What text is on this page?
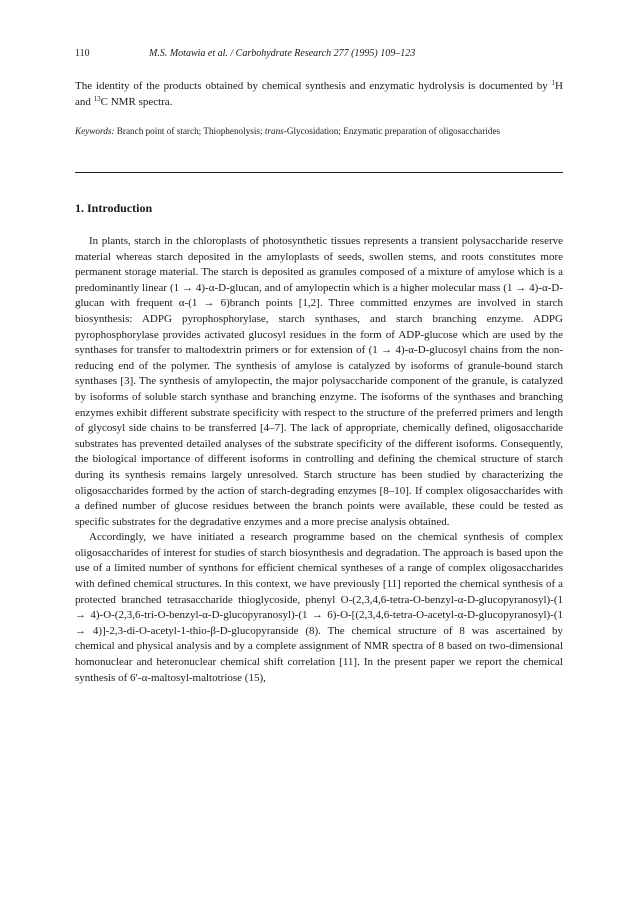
110	M.S. Motawia et al. / Carbohydrate Research 277 (1995) 109–123
The identity of the products obtained by chemical synthesis and enzymatic hydrolysis is documented by $^1$H and $^{13}$C NMR spectra.
Keywords: Branch point of starch; Thiophenolysis; trans-Glycosidation; Enzymatic preparation of oligosaccharides
1. Introduction

In plants, starch in the chloroplasts of photosynthetic tissues represents a transient polysaccharide reserve material whereas starch deposited in the amyloplasts of seeds, swollen stems, and roots constitutes more permanent storage material. The starch is deposited as granules composed of a mixture of amylose which is a predominantly linear (1 → 4)-α-D-glucan, and of amylopectin which is a higher molecular mass (1 → 4)-α-D-glucan with frequent α-(1 → 6)branch points [1,2]. Three committed enzymes are involved in starch biosynthesis: ADPG pyrophosphorylase, starch synthases, and starch branching enzyme. ADPG pyrophosphorylase provides activated glucosyl residues in the form of ADP-glucose which are used by the synthases for transfer to maltodextrin primers or for extension of (1 → 4)-α-D-glucosyl chains from the non-reducing end of the polymer. The synthesis of amylose is catalyzed by isoforms of granule-bound starch synthases [3]. The synthesis of amylopectin, the major polysaccharide component of the granule, is catalyzed by isoforms of soluble starch synthase and branching enzyme. The isoforms of the synthases and branching enzymes exhibit different substrate specificity with respect to the structure of the preferred primers and length of glycosyl side chains to be transferred [4–7]. The lack of appropriate, chemically defined, oligosaccharide substrates has prevented detailed analyses of the substrate specificity of the different isoforms. Consequently, the biological importance of different isoforms in controlling and defining the chemical structure of starch during its synthesis remains largely unresolved. Starch structure has been studied by characterizing the oligosaccharides formed by the action of starch-degrading enzymes [8–10]. If complex oligosaccharides with a defined number of glucose residues between the branch points were available, these could be tested as specific substrates for the degradative enzymes and a more precise analysis obtained.

Accordingly, we have initiated a research programme based on the chemical synthesis of complex oligosaccharides of interest for studies of starch biosynthesis and degradation. The approach is based upon the use of a limited number of synthons for efficient chemical syntheses of a range of complex oligosaccharides with defined chemical structures. In this context, we have previously [11] reported the chemical synthesis of a protected branched tetrasaccharide thioglycoside, phenyl O-(2,3,4,6-tetra-O-benzyl-α-D-glucopyranosyl)-(1 → 4)-O-(2,3,6-tri-O-benzyl-α-D-glucopyranosyl)-(1 → 6)-O-[(2,3,4,6-tetra-O-acetyl-α-D-glucopyranosyl)-(1 → 4)]-2,3-di-O-acetyl-1-thio-β-D-glucopyranside (8). The chemical structure of 8 was ascertained by chemical and physical analysis and by a complete assignment of NMR spectra of 8 based on two-dimensional homonuclear and heteronuclear chemical shift correlation [11]. In the present paper we report the chemical synthesis of 6′-α-maltosyl-maltotriose (15),
